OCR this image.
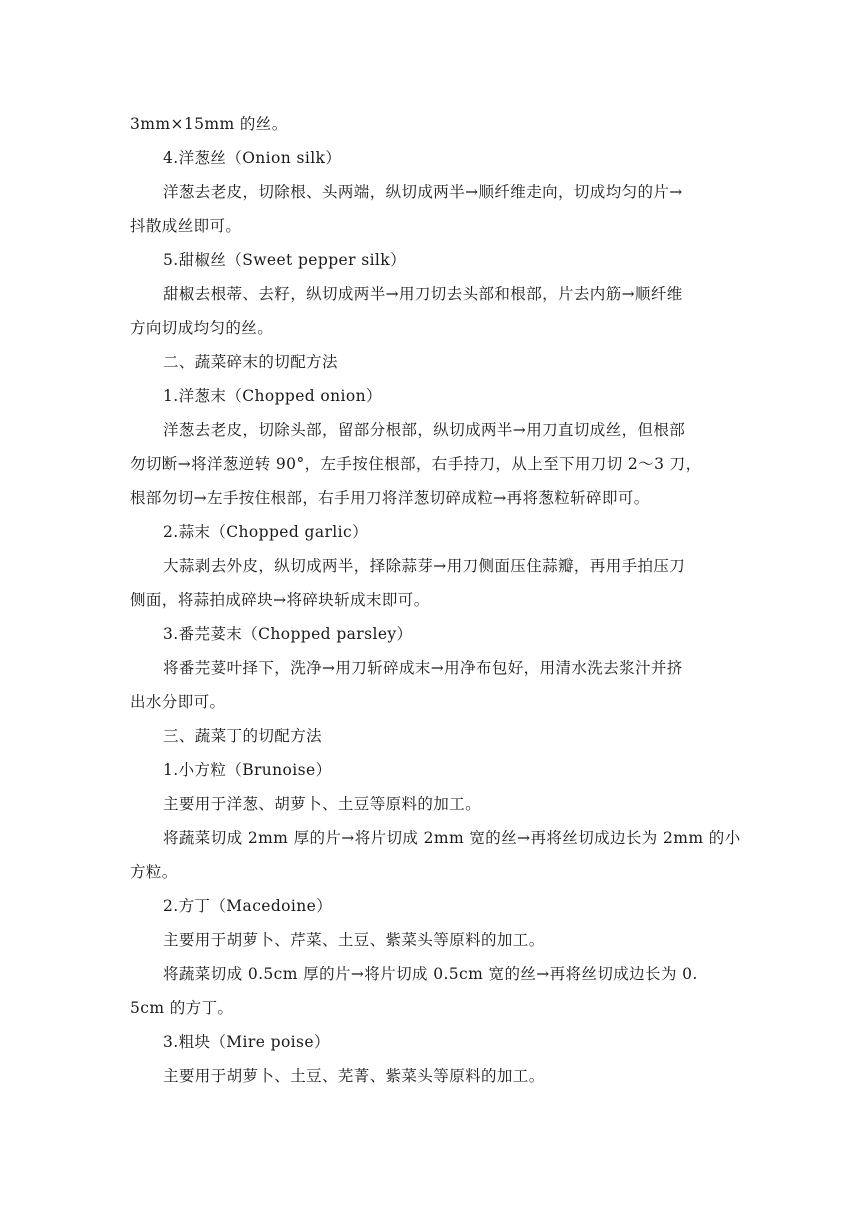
3mm×15mm 的丝。

4.洋葱丝（Onion silk）

洋葱去老皮，切除根、头两端，纵切成两半→顺纤维走向，切成均匀的片→

抖散成丝即可。

5.甜椒丝（Sweet pepper silk）

甜椒去根蒂、去籽，纵切成两半→用刀切去头部和根部，片去内筋→顺纤维

方向切成均匀的丝。

二、蔬菜碎末的切配方法

1.洋葱末（Chopped onion）

洋葱去老皮，切除头部，留部分根部，纵切成两半→用刀直切成丝，但根部

勿切断→将洋葱逆转 90°，左手按住根部，右手持刀，从上至下用刀切 2～3 刀，

根部勿切→左手按住根部，右手用刀将洋葱切碎成粒→再将葱粒斩碎即可。

2.蒜末（Chopped garlic）

大蒜剥去外皮，纵切成两半，择除蒜芽→用刀侧面压住蒜瓣，再用手拍压刀

侧面，将蒜拍成碎块→将碎块斩成末即可。

3.番芫荽末（Chopped parsley）

将番芫荽叶择下，洗净→用刀斩碎成末→用净布包好，用清水洗去浆汁并挤

出水分即可。

三、蔬菜丁的切配方法

1.小方粒（Brunoise）

主要用于洋葱、胡萝卜、土豆等原料的加工。

将蔬菜切成 2mm 厚的片→将片切成 2mm 宽的丝→再将丝切成边长为 2mm 的小

方粒。

2.方丁（Macedoine）

主要用于胡萝卜、芹菜、土豆、紫菜头等原料的加工。

将蔬菜切成 0.5cm 厚的片→将片切成 0.5cm 宽的丝→再将丝切成边长为 0.

5cm 的方丁。

3.粗块（Mire poise）

主要用于胡萝卜、土豆、芜菁、紫菜头等原料的加工。
